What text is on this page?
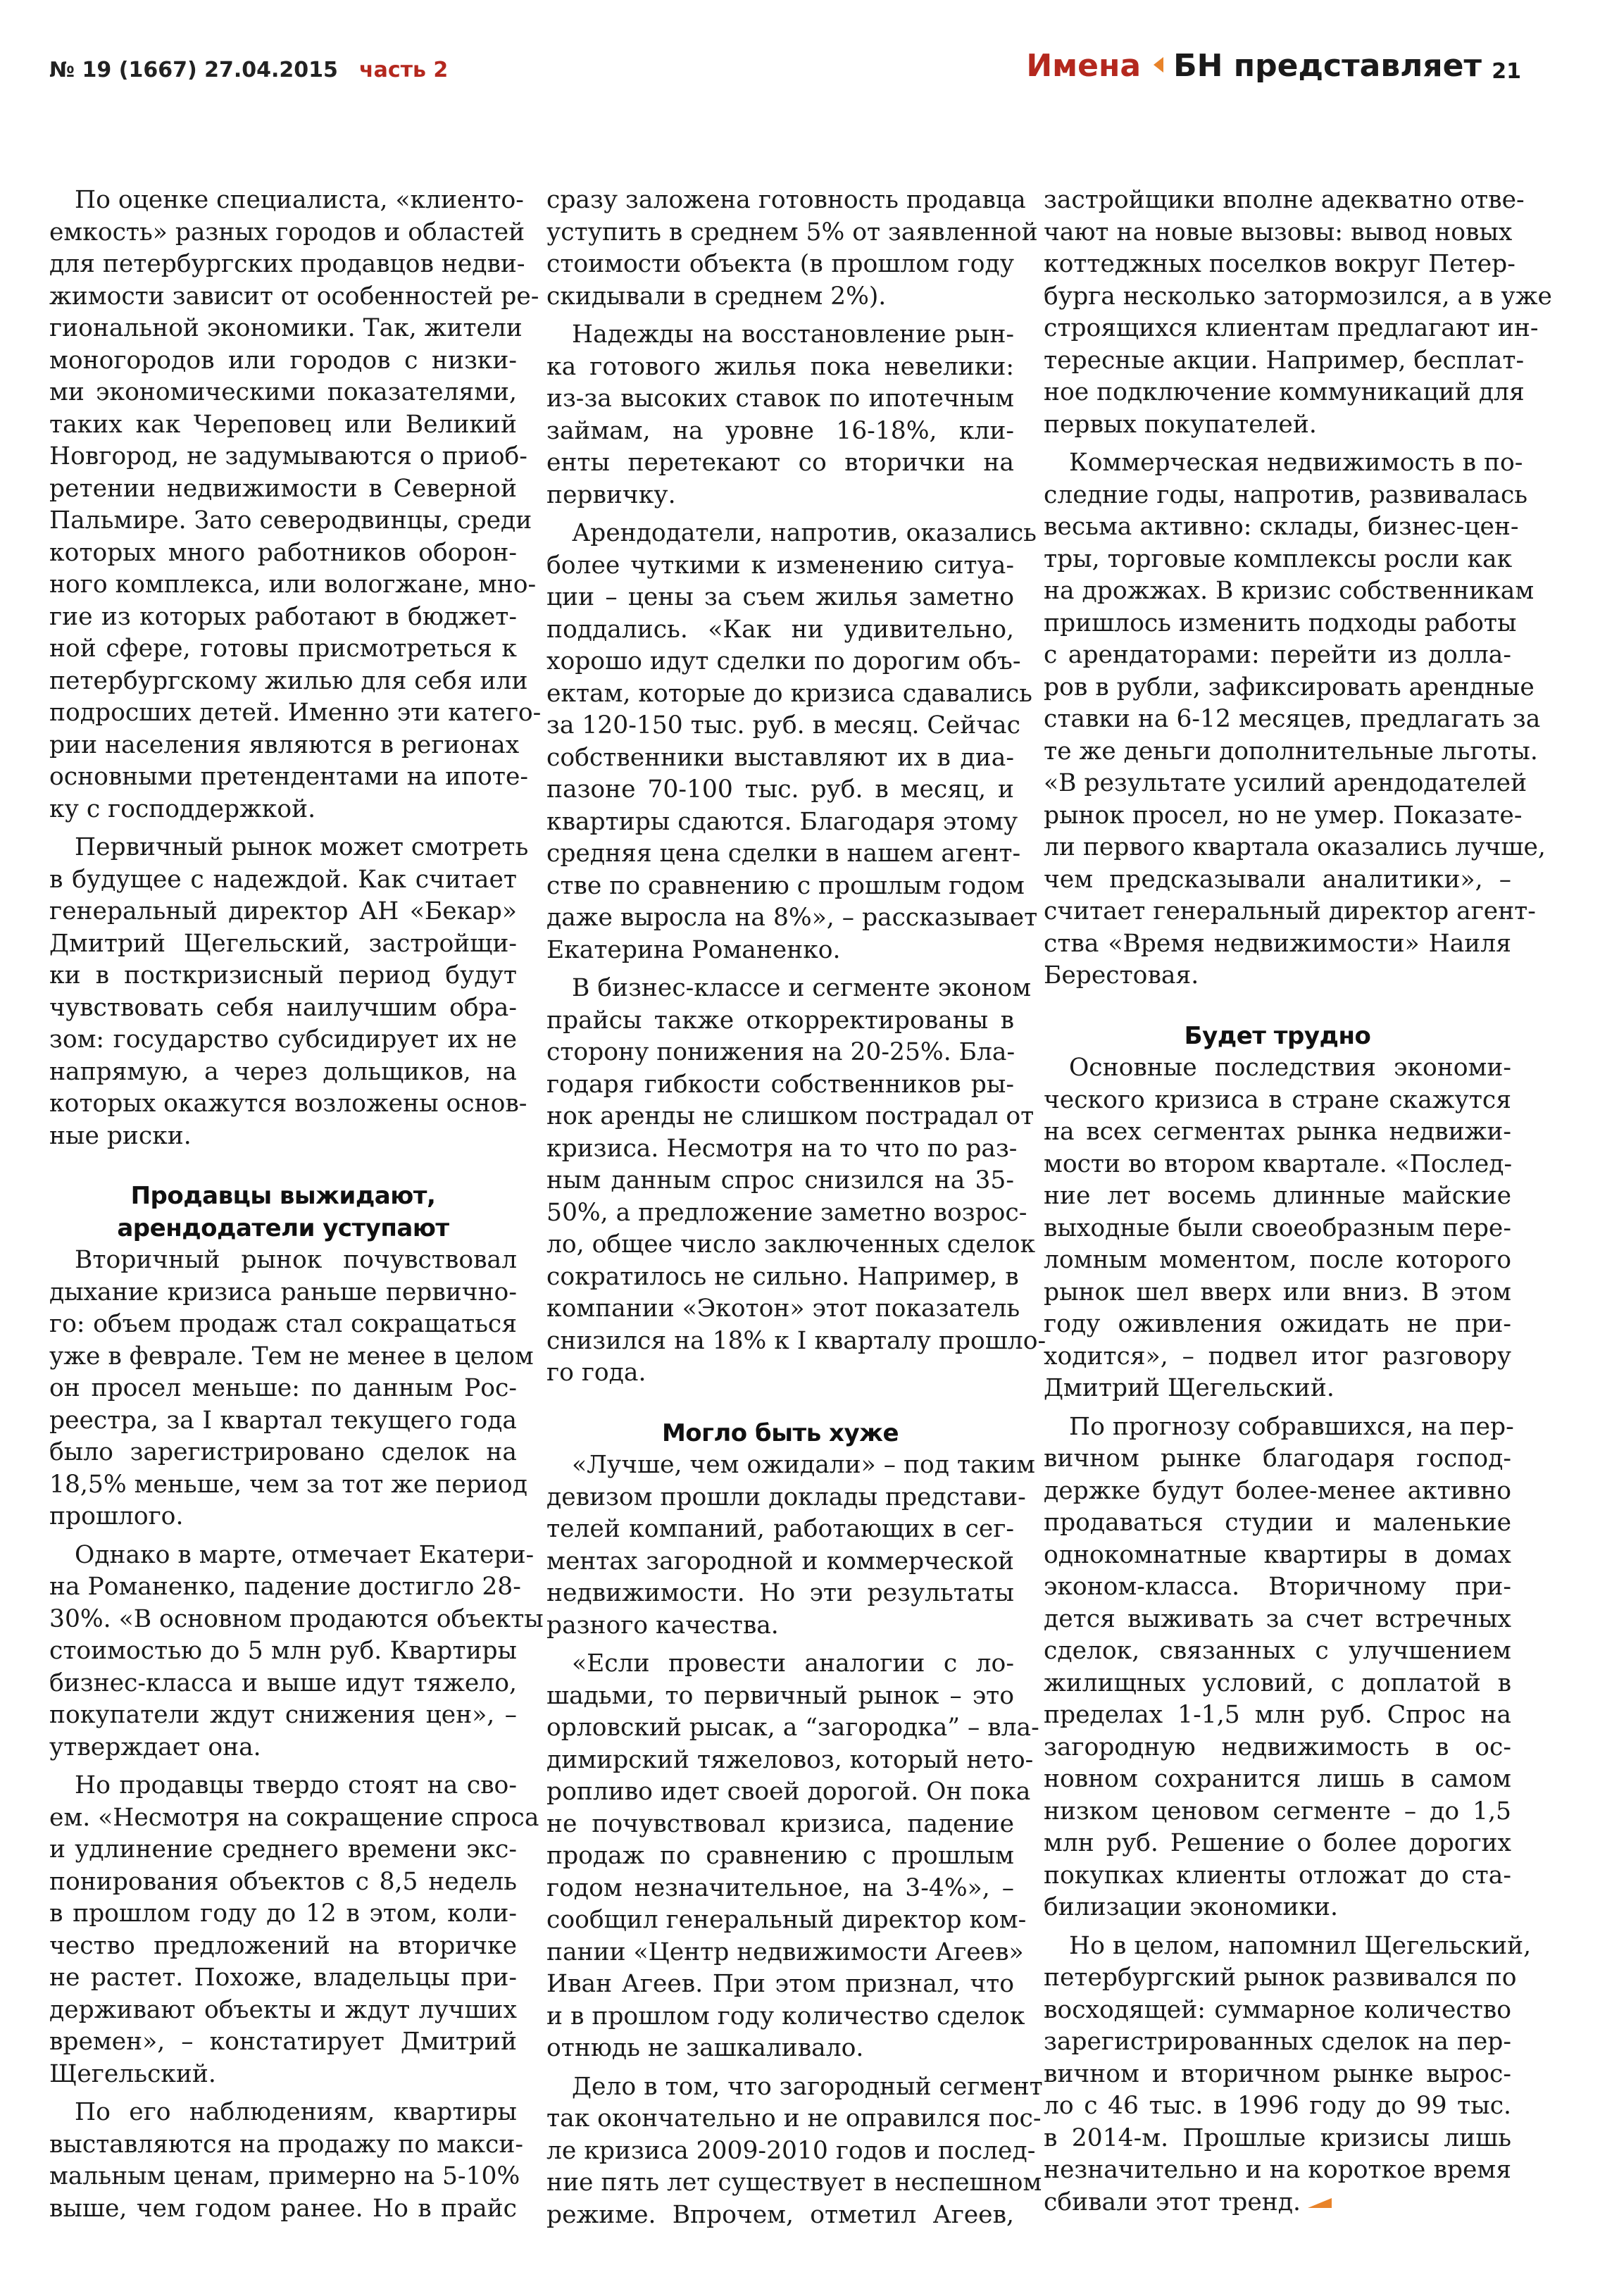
№ 19 (1667) 27.04.2015 часть 2	Имена БН представляет 21
По оценке специалиста, «клиенто-
емкость» разных городов и областей
для петербургских продавцов недви-
жимости зависит от особенностей ре-
гиональной экономики. Так, жители
моногородов или городов с низки-
ми экономическими показателями,
таких как Череповец или Великий
Новгород, не задумываются о приоб-
ретении недвижимости в Северной
Пальмире. Зато северодвинцы, среди
которых много работников оборон-
ного комплекса, или вологжане, мно-
гие из которых работают в бюджет-
ной сфере, готовы присмотреться к
петербургскому жилью для себя или
подросших детей. Именно эти катего-
рии населения являются в регионах
основными претендентами на ипоте-
ку с господдержкой.
Первичный рынок может смотреть
в будущее с надеждой. Как считает
генеральный директор АН «Бекар»
Дмитрий Щегельский, застройщи-
ки в посткризисный период будут
чувствовать себя наилучшим обра-
зом: государство субсидирует их не
напрямую, а через дольщиков, на
которых окажутся возложены основ-
ные риски.
Продавцы выжидают,
арендодатели уступают
Вторичный рынок почувствовал
дыхание кризиса раньше первично-
го: объем продаж стал сокращаться
уже в феврале. Тем не менее в целом
он просел меньше: по данным Рос-
реестра, за I квартал текущего года
было зарегистрировано сделок на
18,5% меньше, чем за тот же период
прошлого.
Однако в марте, отмечает Екатери-
на Романенко, падение достигло 28-
30%. «В основном продаются объекты
стоимостью до 5 млн руб. Квартиры
бизнес-класса и выше идут тяжело,
покупатели ждут снижения цен», –
утверждает она.
Но продавцы твердо стоят на сво-
ем. «Несмотря на сокращение спроса
и удлинение среднего времени экс-
понирования объектов с 8,5 недель
в прошлом году до 12 в этом, коли-
чество предложений на вторичке
не растет. Похоже, владельцы при-
держивают объекты и ждут лучших
времен», – констатирует Дмитрий
Щегельский.
По его наблюдениям, квартиры
выставляются на продажу по макси-
мальным ценам, примерно на 5-10%
выше, чем годом ранее. Но в прайс
сразу заложена готовность продавца
уступить в среднем 5% от заявленной
стоимости объекта (в прошлом году
скидывали в среднем 2%).
Надежды на восстановление рын-
ка готового жилья пока невелики:
из-за высоких ставок по ипотечным
займам, на уровне 16-18%, кли-
енты перетекают со вторички на
первичку.
Арендодатели, напротив, оказались
более чуткими к изменению ситуа-
ции – цены за съем жилья заметно
поддались. «Как ни удивительно,
хорошо идут сделки по дорогим объ-
ектам, которые до кризиса сдавались
за 120-150 тыс. руб. в месяц. Сейчас
собственники выставляют их в диа-
пазоне 70-100 тыс. руб. в месяц, и
квартиры сдаются. Благодаря этому
средняя цена сделки в нашем агент-
стве по сравнению с прошлым годом
даже выросла на 8%», – рассказывает
Екатерина Романенко.
В бизнес-классе и сегменте эконом
прайсы также откорректированы в
сторону понижения на 20-25%. Бла-
годаря гибкости собственников ры-
нок аренды не слишком пострадал от
кризиса. Несмотря на то что по раз-
ным данным спрос снизился на 35-
50%, а предложение заметно возрос-
ло, общее число заключенных сделок
сократилось не сильно. Например, в
компании «Экотон» этот показатель
снизился на 18% к I кварталу прошло-
го года.
Могло быть хуже
«Лучше, чем ожидали» – под таким
девизом прошли доклады представи-
телей компаний, работающих в сег-
ментах загородной и коммерческой
недвижимости. Но эти результаты
разного качества.
«Если провести аналогии с ло-
шадьми, то первичный рынок – это
орловский рысак, а “загородка” – вла-
димирский тяжеловоз, который нето-
ропливо идет своей дорогой. Он пока
не почувствовал кризиса, падение
продаж по сравнению с прошлым
годом незначительное, на 3-4%», –
сообщил генеральный директор ком-
пании «Центр недвижимости Агеев»
Иван Агеев. При этом признал, что
и в прошлом году количество сделок
отнюдь не зашкаливало.
Дело в том, что загородный сегмент
так окончательно и не оправился пос-
ле кризиса 2009-2010 годов и послед-
ние пять лет существует в неспешном
режиме. Впрочем, отметил Агеев,
застройщики вполне адекватно отве-
чают на новые вызовы: вывод новых
коттеджных поселков вокруг Петер-
бурга несколько затормозился, а в уже
строящихся клиентам предлагают ин-
тересные акции. Например, бесплат-
ное подключение коммуникаций для
первых покупателей.
Коммерческая недвижимость в по-
следние годы, напротив, развивалась
весьма активно: склады, бизнес-цен-
тры, торговые комплексы росли как
на дрожжах. В кризис собственникам
пришлось изменить подходы работы
с арендаторами: перейти из долла-
ров в рубли, зафиксировать арендные
ставки на 6-12 месяцев, предлагать за
те же деньги дополнительные льготы.
«В результате усилий арендодателей
рынок просел, но не умер. Показате-
ли первого квартала оказались лучше,
чем предсказывали аналитики», –
считает генеральный директор агент-
ства «Время недвижимости» Наиля
Берестовая.
Будет трудно
Основные последствия экономи-
ческого кризиса в стране скажутся
на всех сегментах рынка недвижи-
мости во втором квартале. «Послед-
ние лет восемь длинные майские
выходные были своеобразным пере-
ломным моментом, после которого
рынок шел вверх или вниз. В этом
году оживления ожидать не при-
ходится», – подвел итог разговору
Дмитрий Щегельский.
По прогнозу собравшихся, на пер-
вичном рынке благодаря господ-
держке будут более-менее активно
продаваться студии и маленькие
однокомнатные квартиры в домах
эконом-класса. Вторичному при-
дется выживать за счет встречных
сделок, связанных с улучшением
жилищных условий, с доплатой в
пределах 1-1,5 млн руб. Спрос на
загородную недвижимость в ос-
новном сохранится лишь в самом
низком ценовом сегменте – до 1,5
млн руб. Решение о более дорогих
покупках клиенты отложат до ста-
билизации экономики.
Но в целом, напомнил Щегельский,
петербургский рынок развивался по
восходящей: суммарное количество
зарегистрированных сделок на пер-
вичном и вторичном рынке вырос-
ло с 46 тыс. в 1996 году до 99 тыс.
в 2014-м. Прошлые кризисы лишь
незначительно и на короткое время
сбивали этот тренд.
